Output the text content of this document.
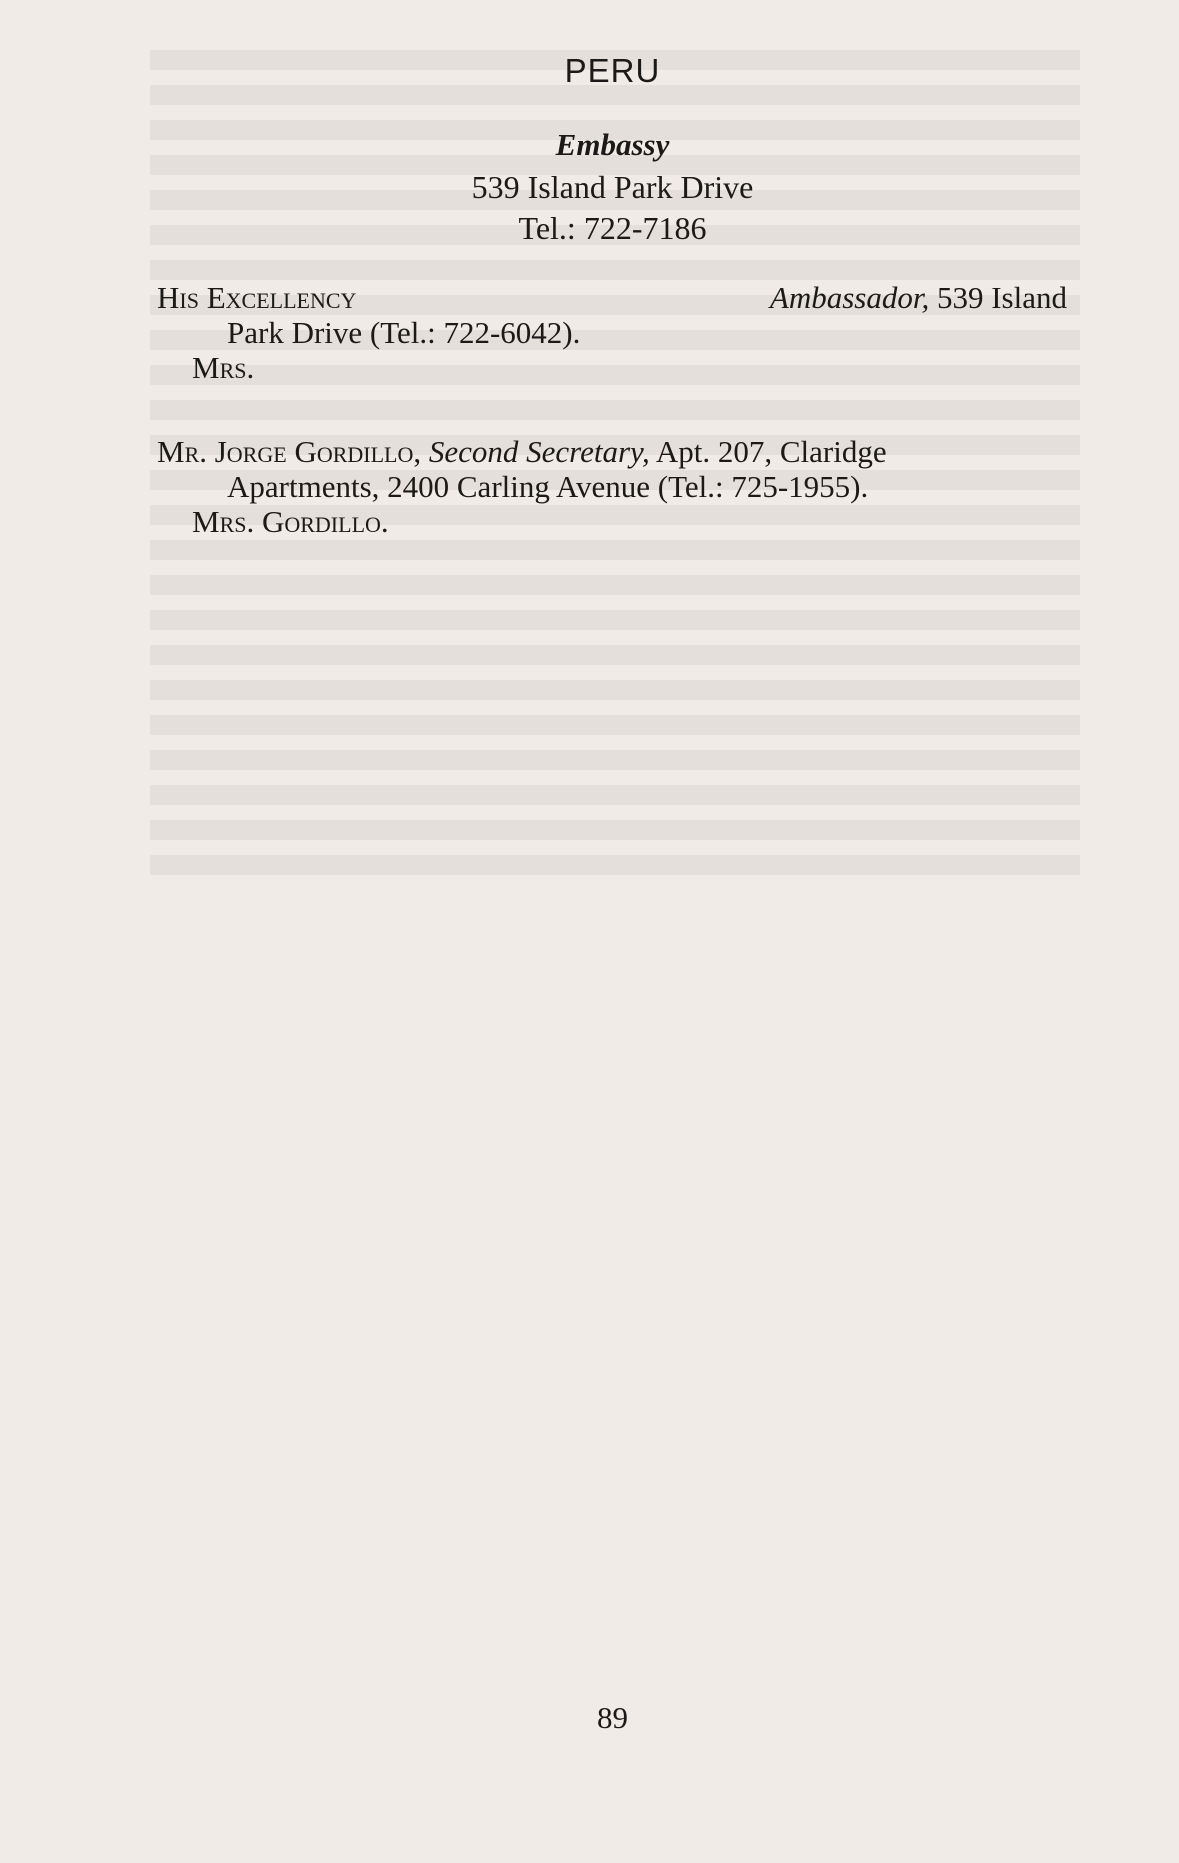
PERU
Embassy
539 Island Park Drive
Tel.: 722-7186
His Excellency	Ambassador, 539 Island
Park Drive (Tel.: 722-6042).
Mrs.
Mr. Jorge Gordillo, Second Secretary, Apt. 207, Claridge
Apartments, 2400 Carling Avenue (Tel.: 725-1955).
Mrs. Gordillo.
89
